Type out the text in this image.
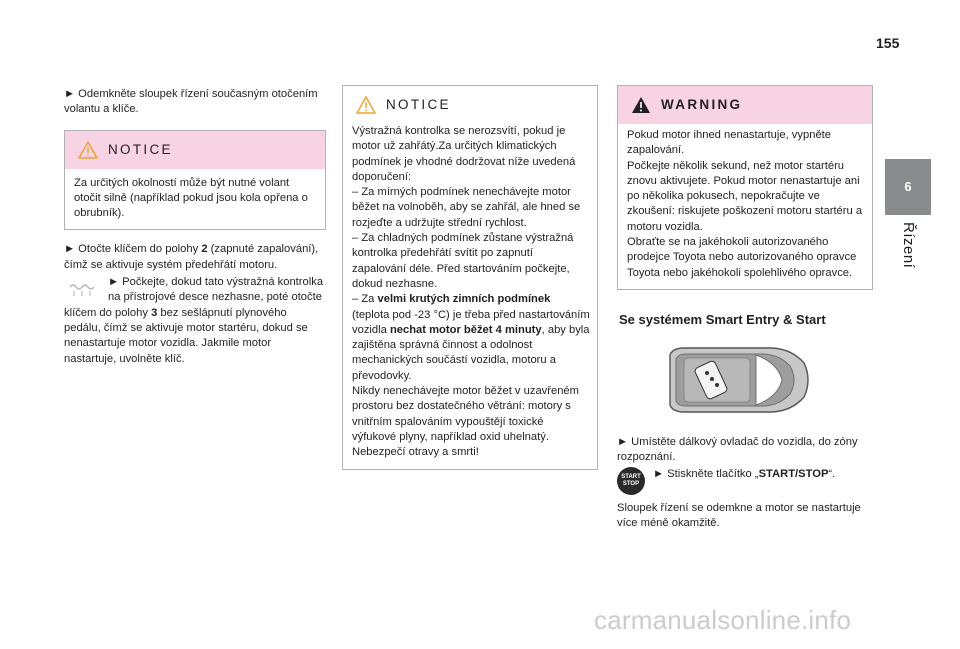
155
6
Řízení

► Odemkněte sloupek řízení současným otočením volantu a klíče.

NOTICE

Za určitých okolností může být nutné volant otočit silně (například pokud jsou kola opřena o obrubník).

► Otočte klíčem do polohy 2 (zapnuté zapalování), čímž se aktivuje systém předehřátí motoru.

► Počkejte, dokud tato výstražná kontrolka na přístrojové desce nezhasne, poté otočte klíčem do polohy 3 bez sešlápnutí plynového pedálu, čímž se aktivuje motor startéru, dokud se nenastartuje motor vozidla. Jakmile motor nastartuje, uvolněte klíč.

NOTICE

Výstražná kontrolka se nerozsvítí, pokud je motor už zahřátý.Za určitých klimatických podmínek je vhodné dodržovat níže uvedená doporučení:

– Za mírných podmínek nenechávejte motor běžet na volnoběh, aby se zahřál, ale hned se rozjeďte a udržujte střední rychlost.

– Za chladných podmínek zůstane výstražná kontrolka předehřátí svítit po zapnutí zapalování déle. Před startováním počkejte, dokud nezhasne.

– Za velmi krutých zimních podmínek (teplota pod -23 °C) je třeba před nastartováním vozidla nechat motor běžet 4 minuty, aby byla zajištěna správná činnost a odolnost mechanických součástí vozidla, motoru a převodovky.

Nikdy nenechávejte motor běžet v uzavřeném prostoru bez dostatečného větrání: motory s vnitřním spalováním vypouštějí toxické výfukové plyny, například oxid uhelnatý. Nebezpečí otravy a smrti!

WARNING

Pokud motor ihned nenastartuje, vypněte zapalování.

Počkejte několik sekund, než motor startéru znovu aktivujete. Pokud motor nenastartuje ani po několika pokusech, nepokračujte ve zkoušení: riskujete poškození motoru startéru a motoru vozidla.

Obraťte se na jakéhokoli autorizovaného prodejce Toyota nebo autorizovaného opravce Toyota nebo jakéhokoli spolehlivého opravce.

Se systémem Smart Entry & Start

► Umístěte dálkový ovladač do vozidla, do zóny rozpoznání.

START
STOP

► Stiskněte tlačítko „START/STOP“.

Sloupek řízení se odemkne a motor se nastartuje více méně okamžitě.

carmanualsonline.info
